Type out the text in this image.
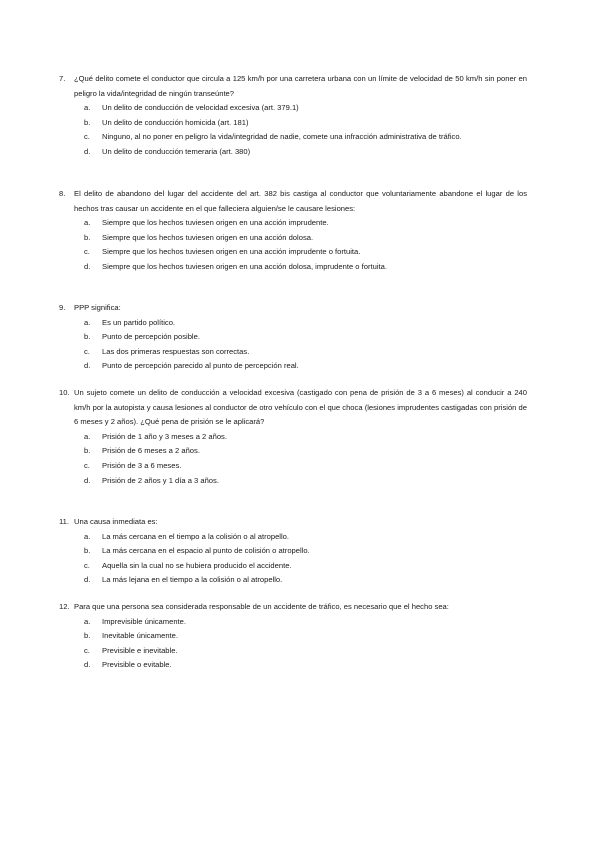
7. ¿Qué delito comete el conductor que circula a 125 km/h por una carretera urbana con un límite de velocidad de 50 km/h sin poner en peligro la vida/integridad de ningún transeúnte?
a. Un delito de conducción de velocidad excesiva (art. 379.1)
b. Un delito de conducción homicida (art. 181)
c. Ninguno, al no poner en peligro la vida/integridad de nadie, comete una infracción administrativa de tráfico.
d. Un delito de conducción temeraria (art. 380)
8. El delito de abandono del lugar del accidente del art. 382 bis castiga al conductor que voluntariamente abandone el lugar de los hechos tras causar un accidente en el que falleciera alguien/se le causare lesiones:
a. Siempre que los hechos tuviesen origen en una acción imprudente.
b. Siempre que los hechos tuviesen origen en una acción dolosa.
c. Siempre que los hechos tuviesen origen en una acción imprudente o fortuita.
d. Siempre que los hechos tuviesen origen en una acción dolosa, imprudente o fortuita.
9. PPP significa:
a. Es un partido político.
b. Punto de percepción posible.
c. Las dos primeras respuestas son correctas.
d. Punto de percepción parecido al punto de percepción real.
10. Un sujeto comete un delito de conducción a velocidad excesiva (castigado con pena de prisión de 3 a 6 meses) al conducir a 240 km/h por la autopista y causa lesiones al conductor de otro vehículo con el que choca (lesiones imprudentes castigadas con prisión de 6 meses y 2 años). ¿Qué pena de prisión se le aplicará?
a. Prisión de 1 año y 3 meses a 2 años.
b. Prisión de 6 meses a 2 años.
c. Prisión de 3 a 6 meses.
d. Prisión de 2 años y 1 día a 3 años.
11. Una causa inmediata es:
a. La más cercana en el tiempo a la colisión o al atropello.
b. La más cercana en el espacio al punto de colisión o atropello.
c. Aquella sin la cual no se hubiera producido el accidente.
d. La más lejana en el tiempo a la colisión o al atropello.
12. Para que una persona sea considerada responsable de un accidente de tráfico, es necesario que el hecho sea:
a. Imprevisible únicamente.
b. Inevitable únicamente.
c. Previsible e inevitable.
d. Previsible o evitable.
